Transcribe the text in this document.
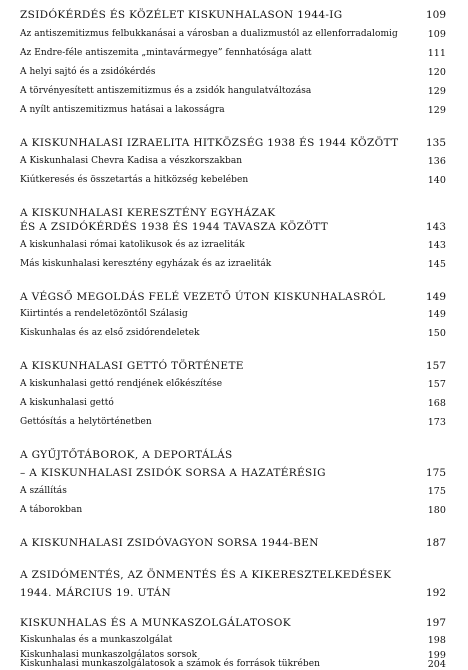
ZSIDÓKÉRDÉS ÉS KÖZÉLET KISKUNHALASON 1944-IG	109
Az antiszemitizmus felbukkanásai a városban a dualizmustól az ellenforradalomig	109
Az Endre-féle antiszemita „mintavármegye” fennhatósága alatt	111
A helyi sajtó és a zsidókérdés	120
A törvényesített antiszemitizmus és a zsidók hangulatváltozása	129
A nyílt antiszemitizmus hatásai a lakosságra	129
A KISKUNHALASI IZRAELITA HITKÖZSÉG 1938 ÉS 1944 KÖZÖTT	135
A Kiskunhalasi Chevra Kadisa a vészkorszakban	136
Kiútkeresés és összetartás a hitközség kebelében	140
A KISKUNHALASI KERESZTÉNY EGYHÁZAK
ÉS A ZSIDÓKÉRDÉS 1938 ÉS 1944 TAVASZA KÖZÖTT	143
A kiskunhalasi római katolikusok és az izraeliták	143
Más kiskunhalasi keresztény egyházak és az izraeliták	145
A VÉGSŐ MEGOLDÁS FELÉ VEZETŐ ÚTON KISKUNHALASRÓL	149
Kiirtintés a rendeletözöntől Szálasig	149
Kiskunhalas és az első zsidórendeletek	150
A KISKUNHALASI GETTÓ TÖRTÉNETE	157
A kiskunhalasi gettó rendjének előkészítése	157
A kiskunhalasi gettó	168
Gettósítás a helytörténetben	173
A GYŰJTŐTÁBOROK, A DEPORTÁLÁS
– A KISKUNHALASI ZSIDÓK SORSA A HAZATÉRÉSIG	175
A szállítás	175
A táborokban	180
A KISKUNHALASI ZSIDÓVAGYON SORSA 1944-BEN	187
A ZSIDÓMENTÉS, AZ ÖNMENTÉS ÉS A KIKERESZTELKEDÉSEK
1944. MÁRCIUS 19. UTÁN	192
KISKUNHALAS ÉS A MUNKASZOLGÁLATOSOK	197
Kiskunhalas és a munkaszolgálat	198
Kiskunhalasi munkaszolgálatos sorsok	199
Kiskunhalasi munkaszolgálatosok a számok és források tükrében	204
